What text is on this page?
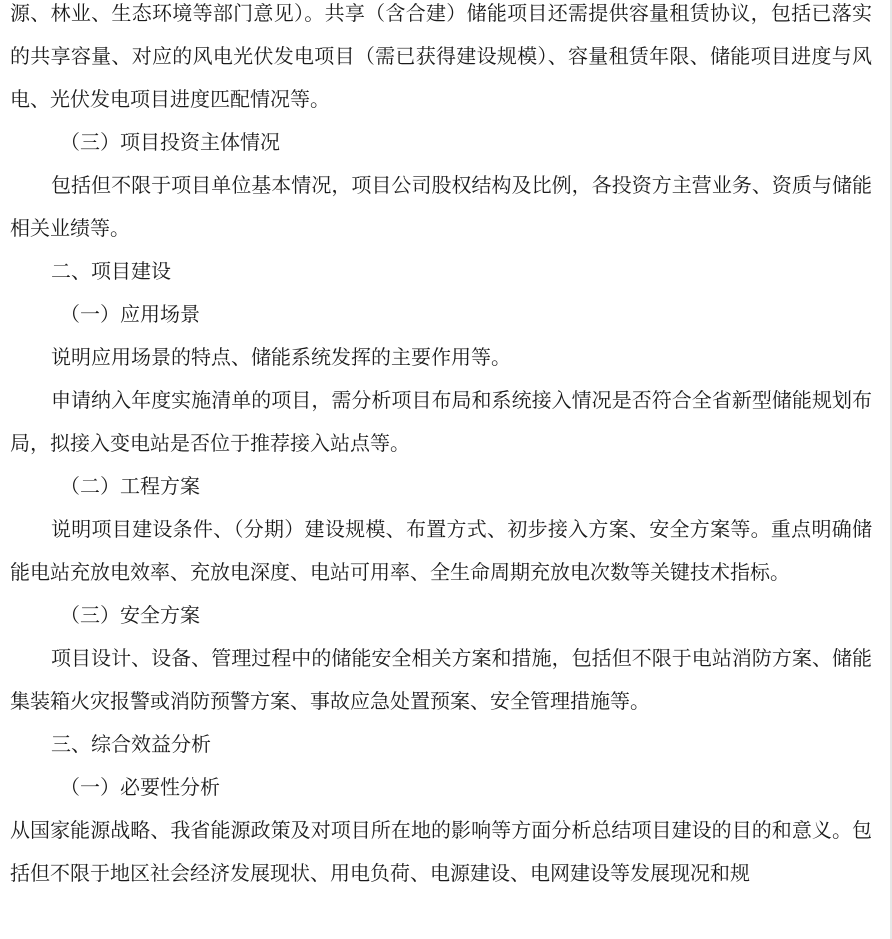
源、林业、生态环境等部门意见）。共享（含合建）储能项目还需提供容量租赁协议，包括已落实的共享容量、对应的风电光伏发电项目（需已获得建设规模）、容量租赁年限、储能项目进度与风电、光伏发电项目进度匹配情况等。

（三）项目投资主体情况

包括但不限于项目单位基本情况，项目公司股权结构及比例，各投资方主营业务、资质与储能相关业绩等。

二、项目建设

（一）应用场景

说明应用场景的特点、储能系统发挥的主要作用等。

申请纳入年度实施清单的项目，需分析项目布局和系统接入情况是否符合全省新型储能规划布局，拟接入变电站是否位于推荐接入站点等。

（二）工程方案

说明项目建设条件、（分期）建设规模、布置方式、初步接入方案、安全方案等。重点明确储能电站充放电效率、充放电深度、电站可用率、全生命周期充放电次数等关键技术指标。

（三）安全方案

项目设计、设备、管理过程中的储能安全相关方案和措施，包括但不限于电站消防方案、储能集装箱火灾报警或消防预警方案、事故应急处置预案、安全管理措施等。

三、综合效益分析

（一）必要性分析

从国家能源战略、我省能源政策及对项目所在地的影响等方面分析总结项目建设的目的和意义。包括但不限于地区社会经济发展现状、用电负荷、电源建设、电网建设等发展现况和规
